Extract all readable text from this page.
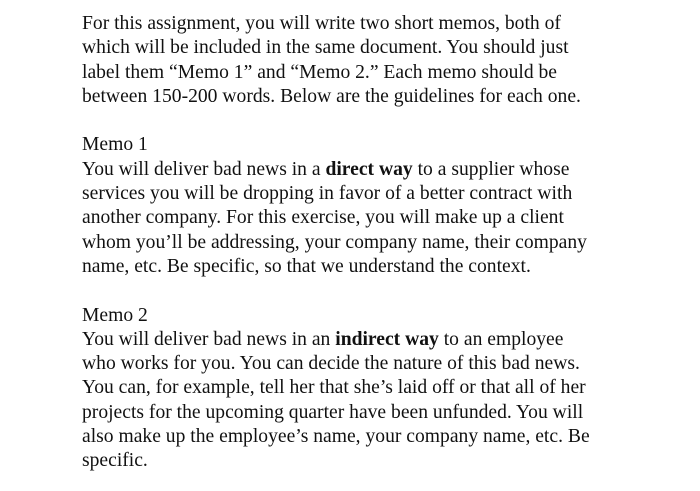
For this assignment, you will write two short memos, both of
which will be included in the same document. You should just
label them “Memo 1” and “Memo 2.” Each memo should be
between 150-200 words. Below are the guidelines for each one.

Memo 1
You will deliver bad news in a direct way to a supplier whose
services you will be dropping in favor of a better contract with
another company. For this exercise, you will make up a client
whom you’ll be addressing, your company name, their company
name, etc. Be specific, so that we understand the context.

Memo 2
You will deliver bad news in an indirect way to an employee
who works for you. You can decide the nature of this bad news.
You can, for example, tell her that she’s laid off or that all of her
projects for the upcoming quarter have been unfunded. You will
also make up the employee’s name, your company name, etc. Be
specific.
